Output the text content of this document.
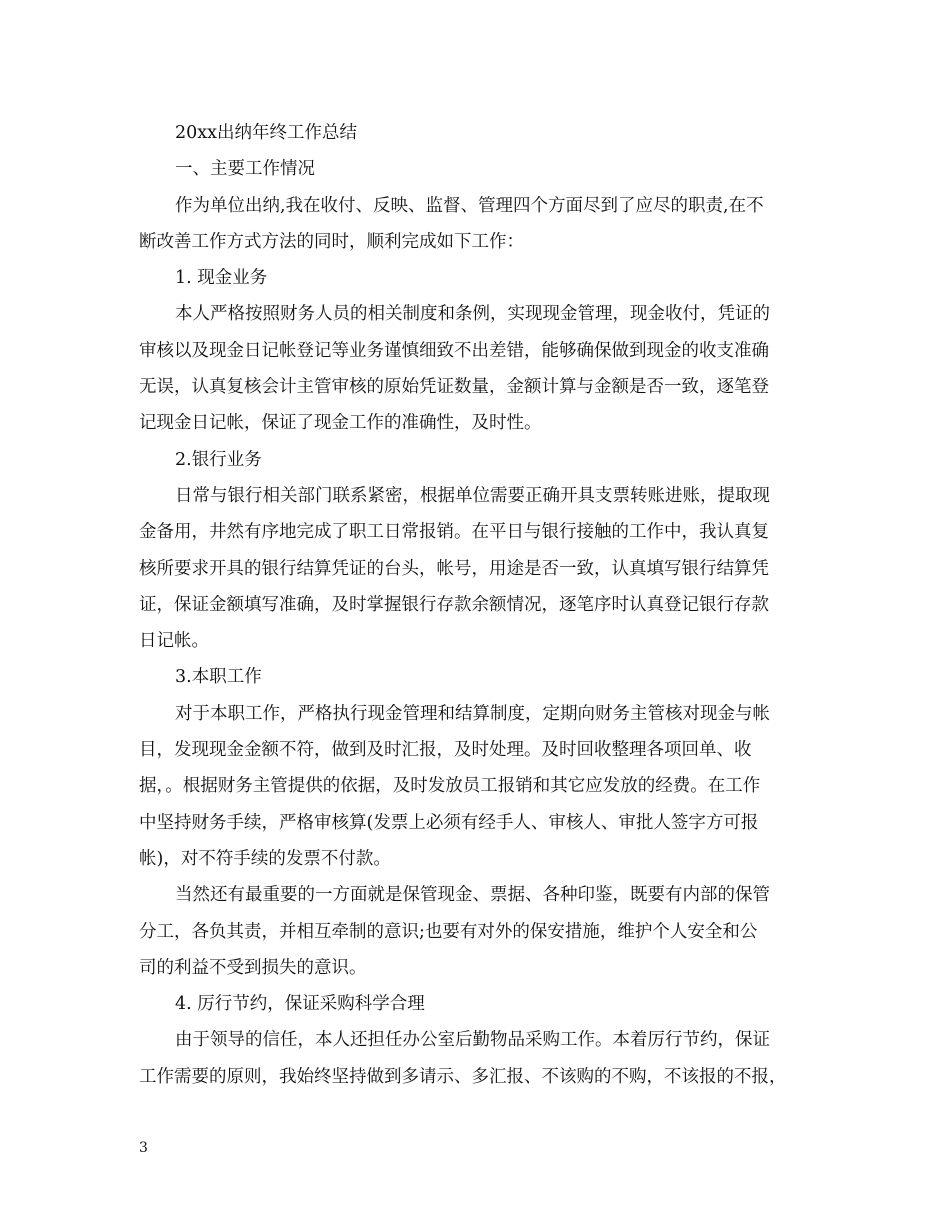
20xx出纳年终工作总结
一、主要工作情况
作为单位出纳,我在收付、反映、监督、管理四个方面尽到了应尽的职责,在不
断改善工作方式方法的同时，顺利完成如下工作：
1. 现金业务
本人严格按照财务人员的相关制度和条例，实现现金管理，现金收付，凭证的
审核以及现金日记帐登记等业务谨慎细致不出差错，能够确保做到现金的收支准确
无误，认真复核会计主管审核的原始凭证数量，金额计算与金额是否一致，逐笔登
记现金日记帐，保证了现金工作的准确性，及时性。
2.银行业务
日常与银行相关部门联系紧密，根据单位需要正确开具支票转账进账，提取现
金备用，井然有序地完成了职工日常报销。在平日与银行接触的工作中，我认真复
核所要求开具的银行结算凭证的台头，帐号，用途是否一致，认真填写银行结算凭
证，保证金额填写准确，及时掌握银行存款余额情况，逐笔序时认真登记银行存款
日记帐。
3.本职工作
对于本职工作，严格执行现金管理和结算制度，定期向财务主管核对现金与帐
目，发现现金金额不符，做到及时汇报，及时处理。及时回收整理各项回单、收
据，。根据财务主管提供的依据，及时发放员工报销和其它应发放的经费。在工作
中坚持财务手续，严格审核算(发票上必须有经手人、审核人、审批人签字方可报
帐)，对不符手续的发票不付款。
当然还有最重要的一方面就是保管现金、票据、各种印鉴，既要有内部的保管
分工，各负其责，并相互牵制的意识;也要有对外的保安措施，维护个人安全和公
司的利益不受到损失的意识。
4. 厉行节约，保证采购科学合理
由于领导的信任，本人还担任办公室后勤物品采购工作。本着厉行节约，保证
工作需要的原则，我始终坚持做到多请示、多汇报、不该购的不购，不该报的不报，
3
